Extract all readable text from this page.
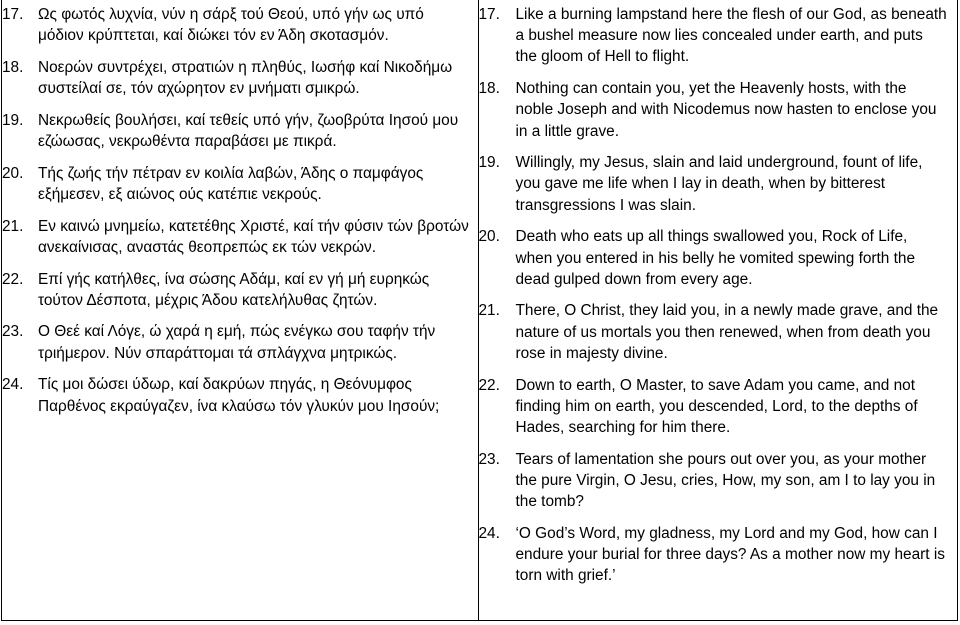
17. Ως φωτός λυχνία, νύν η σάρξ τού Θεού, υπό γήν ως υπό μόδιον κρύπτεται, καί διώκει τόν εν Άδη σκοτασμόν.
18. Νοερών συντρέχει, στρατιών η πληθύς, Ιωσήφ καί Νικοδήμω συστείλαί σε, τόν αχώρητον εν μνήματι σμικρώ.
19. Νεκρωθείς βουλήσει, καί τεθείς υπό γήν, ζωοβρύτα Ιησού μου εζώωσας, νεκρωθέντα παραβάσει με πικρά.
20. Τής ζωής τήν πέτραν εν κοιλία λαβών, Άδης ο παμφάγος εξήμεσεν, εξ αιώνος ούς κατέπιε νεκρούς.
21. Εν καινώ μνημείω, κατετέθης Χριστέ, καί τήν φύσιν τών βροτών ανεκαίνισας, αναστάς θεοπρεπώς εκ τών νεκρών.
22. Επί γής κατήλθες, ίνα σώσης Αδάμ, καί εν γή μή ευρηκώς τούτον Δέσποτα, μέχρις Άδου κατελήλυθας ζητών.
23. Ο Θεέ καί Λόγε, ώ χαρά η εμή, πώς ενέγκω σου ταφήν τήν τριήμερον. Νύν σπαράττομαι τά σπλάγχνα μητρικώς.
24. Τίς μοι δώσει ύδωρ, καί δακρύων πηγάς, η Θεόνυμφος Παρθένος εκραύγαζεν, ίνα κλαύσω τόν γλυκύν μου Ιησούν;
17.	Like a burning lampstand here the flesh of our God, as beneath a bushel measure now lies concealed under earth, and puts the gloom of Hell to flight.
18.	Nothing can contain you, yet the Heavenly hosts, with the noble Joseph and with Nicodemus now hasten to enclose you in a little grave.
19.	Willingly, my Jesus, slain and laid underground, fount of life, you gave me life when I lay in death, when by bitterest transgressions I was slain.
20.	Death who eats up all things swallowed you, Rock of Life, when you entered in his belly he vomited spewing forth the dead gulped down from every age.
21.	There, O Christ, they laid you, in a newly made grave, and the nature of us mortals you then renewed, when from death you rose in majesty divine.
22.	Down to earth, O Master, to save Adam you came, and not finding him on earth, you descended, Lord, to the depths of Hades, searching for him there.
23.	Tears of lamentation she pours out over you, as your mother the pure Virgin, O Jesu, cries, How, my son, am I to lay you in the tomb?
24.	‘O God’s Word, my gladness, my Lord and my God, how can I endure your burial for three days? As a mother now my heart is torn with grief.’
